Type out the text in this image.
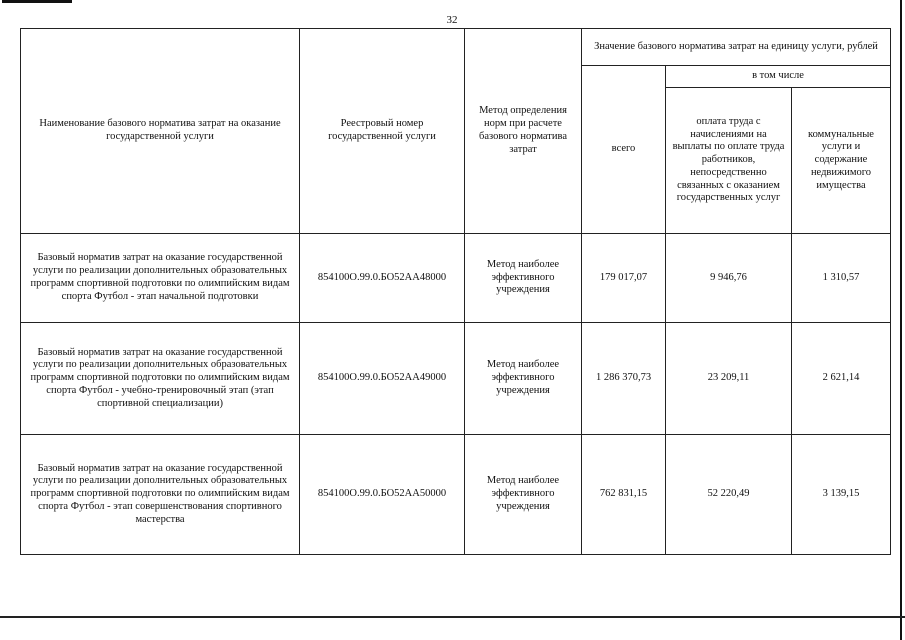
32
Наименование базового норматива затрат на оказание государственной услуги	Реестровый номер государственной услуги	Метод определения норм при расчете базового норматива затрат	Значение базового норматива затрат на единицу услуги, рублей		
			всего	в том числе	
				оплата труда с начислениями на выплаты по оплате труда работников, непосредственно связанных с оказанием государственных услуг	коммунальные услуги и содержание недвижимого имущества
Базовый норматив затрат на оказание государственной услуги по реализации дополнительных образовательных программ спортивной подготовки по олимпийским видам спорта Футбол - этап начальной подготовки	854100О.99.0.БО52АА48000	Метод наиболее эффективного учреждения	179 017,07	9 946,76	1 310,57
Базовый норматив затрат на оказание государственной услуги по реализации дополнительных образовательных программ спортивной подготовки по олимпийским видам спорта Футбол - учебно-тренировочный этап (этап спортивной специализации)	854100О.99.0.БО52АА49000	Метод наиболее эффективного учреждения	1 286 370,73	23 209,11	2 621,14
Базовый норматив затрат на оказание государственной услуги по реализации дополнительных образовательных программ спортивной подготовки по олимпийским видам спорта Футбол - этап совершенствования спортивного мастерства	854100О.99.0.БО52АА50000	Метод наиболее эффективного учреждения	762 831,15	52 220,49	3 139,15
